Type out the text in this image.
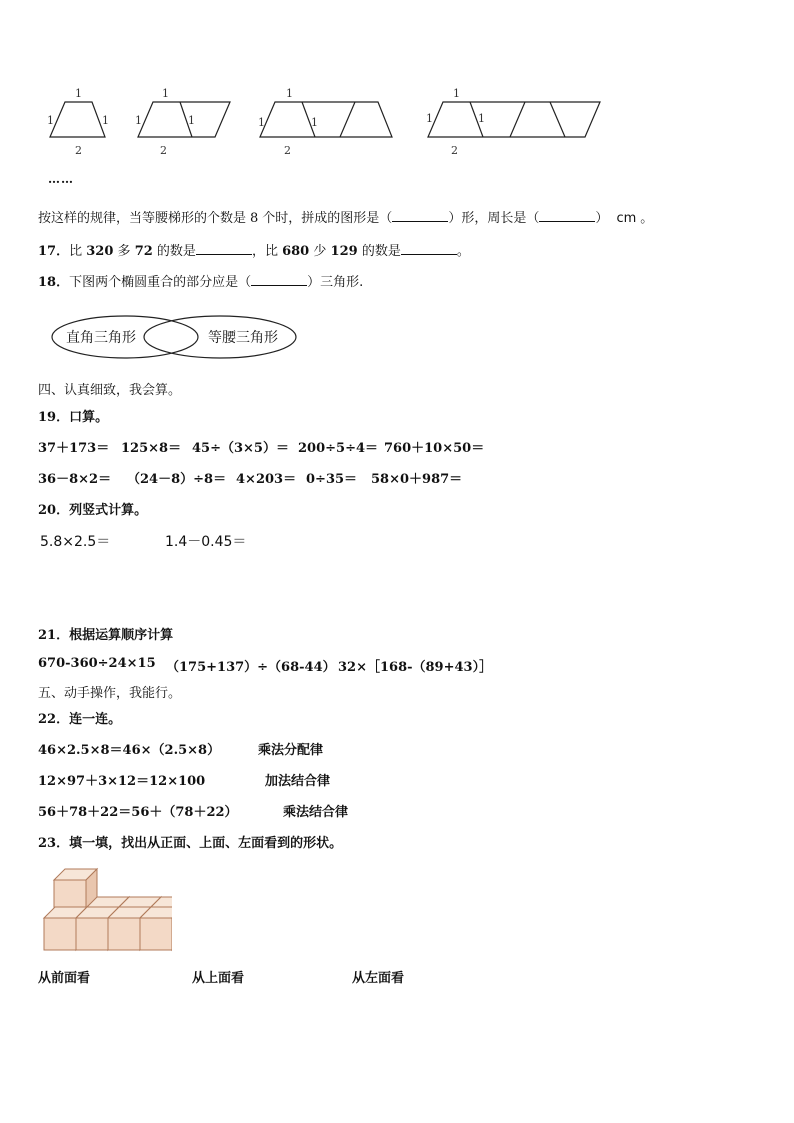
1
1	1
2
1
1	1
2
1
1	1
2
1
1	1
2
……
按这样的规律，当等腰梯形的个数是 8 个时，拼成的图形是（	）形，周长是（	） cm 。
17．比 320 多 72 的数是	，比 680 少 129 的数是	。
18．下图两个椭圆重合的部分应是（	）三角形.
直角三角形	等腰三角形
四、认真细致，我会算。
19．口算。
37＋173＝ 125×8＝ 45÷（3×5）＝ 200÷5÷4＝ 760＋10×50＝
36－8×2＝ （24－8）÷8＝ 4×203＝ 0÷35＝ 58×0＋987＝
20．列竖式计算。
5.8×2.5＝	1.4－0.45＝
21．根据运算顺序计算
670-360÷24×15 （175+137）÷（68-44） 32×［168-（89+43）］
五、动手操作，我能行。
22．连一连。
46×2.5×8＝46×（2.5×8）
12×97＋3×12＝12×100
56＋78＋22＝56＋（78＋22）
乘法分配律
加法结合律
乘法结合律
23．填一填，找出从正面、上面、左面看到的形状。
从前面看	从上面看	从左面看
